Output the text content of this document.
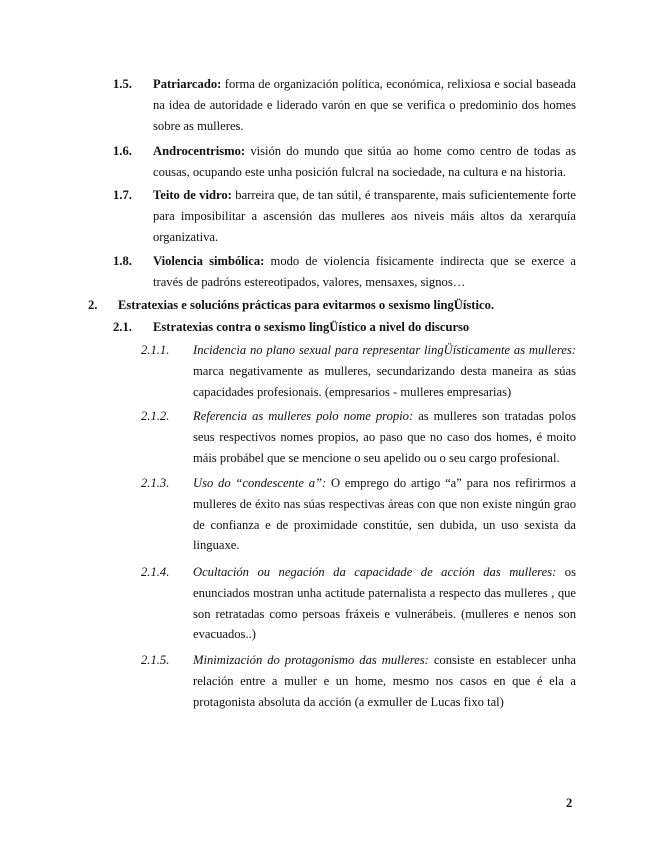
1.5.	Patriarcado: forma de organización política, económica, relixiosa e social baseada na idea de autoridade e liderado varón en que se verifica o predominio dos homes sobre as mulleres.
1.6.	Androcentrismo: visión do mundo que sitúa ao home como centro de todas as cousas, ocupando este unha posición fulcral na sociedade, na cultura e na historia.
1.7.	Teito de vidro: barreira que, de tan sútil, é transparente, mais suficientemente forte para imposibilitar a ascensión das mulleres aos niveis máis altos da xerarquía organizativa.
1.8.	Violencia simbólica: modo de violencia fisicamente indirecta que se exerce a través de padróns estereotipados, valores, mensaxes, signos…
2.	Estratexias e solucións prácticas para evitarmos o sexismo lingÜístico.
2.1.	Estratexias contra o sexismo lingÜístico a nivel do discurso
2.1.1.	Incidencia no plano sexual para representar lingÜísticamente as mulleres: marca negativamente as mulleres, secundarizando desta maneira as súas capacidades profesionais. (empresarios - mulleres empresarias)
2.1.2.	Referencia as mulleres polo nome propio: as mulleres son tratadas polos seus respectivos nomes propios, ao paso que no caso dos homes, é moito máis probábel que se mencione o seu apelido ou o seu cargo profesional.
2.1.3.	Uso do “condescente a”: O emprego do artigo “a” para nos refirirmos a mulleres de éxito nas súas respectivas áreas con que non existe ningún grao de confianza e de proximidade constitúe, sen dubida, un uso sexista da linguaxe.
2.1.4.	Ocultación ou negación da capacidade de acción das mulleres: os enunciados mostran unha actitude paternalista a respecto das mulleres , que son retratadas como persoas fráxeis e vulnerábeis. (mulleres e nenos son evacuados..)
2.1.5.	Minimización do protagonismo das mulleres: consiste en establecer unha relación entre a muller e un home, mesmo nos casos en que é ela a protagonista absoluta da acción (a exmuller de Lucas fixo tal)
2
